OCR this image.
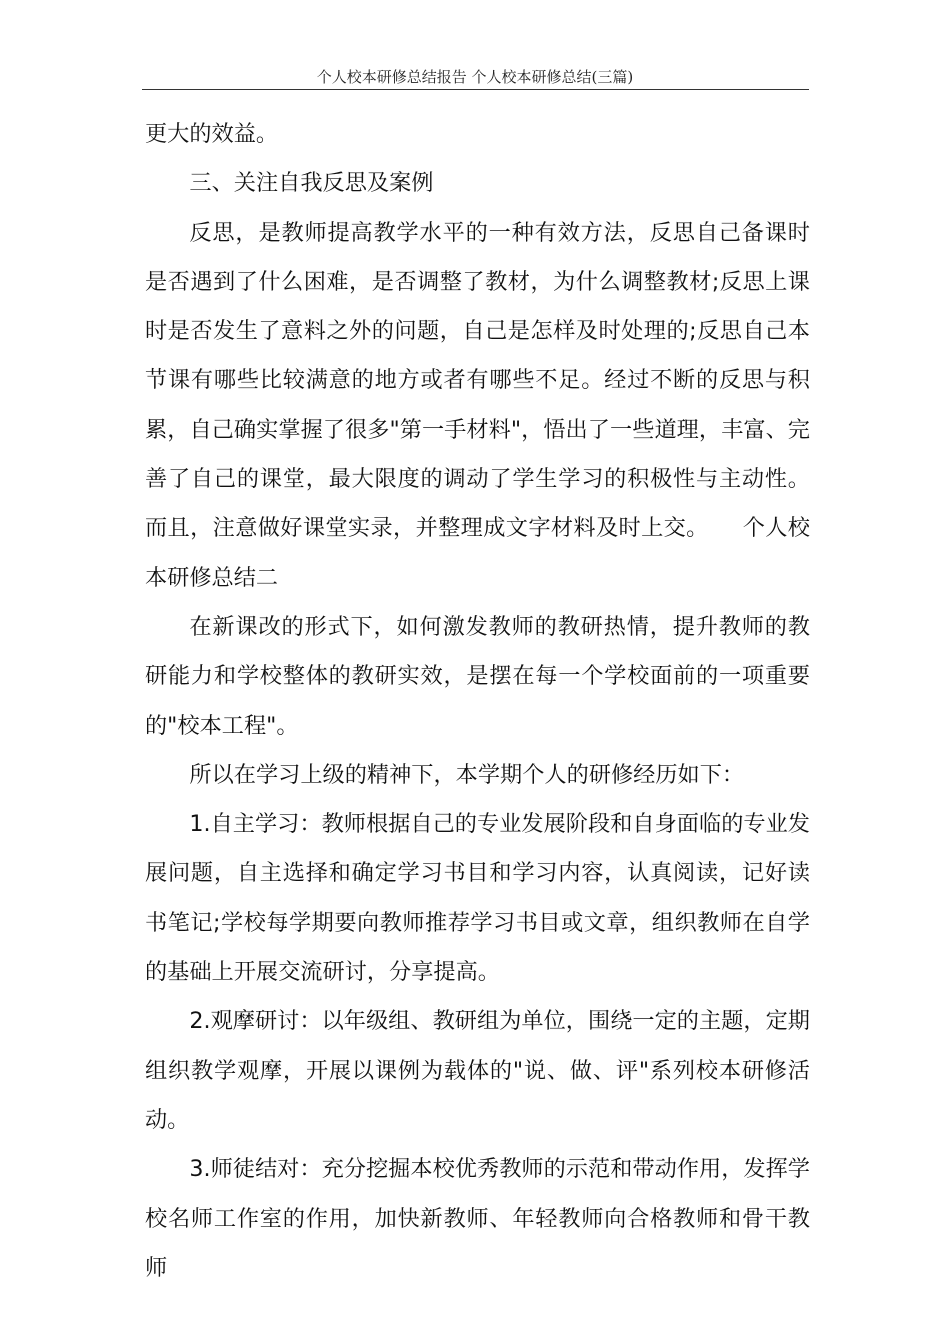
个人校本研修总结报告 个人校本研修总结(三篇)

更大的效益。

三、关注自我反思及案例

反思，是教师提高教学水平的一种有效方法，反思自己备课时是否遇到了什么困难，是否调整了教材，为什么调整教材;反思上课时是否发生了意料之外的问题，自己是怎样及时处理的;反思自己本节课有哪些比较满意的地方或者有哪些不足。经过不断的反思与积累，自己确实掌握了很多"第一手材料"，悟出了一些道理，丰富、完善了自己的课堂，最大限度的调动了学生学习的积极性与主动性。而且，注意做好课堂实录，并整理成文字材料及时上交。　　个人校本研修总结二

在新课改的形式下，如何激发教师的教研热情，提升教师的教研能力和学校整体的教研实效，是摆在每一个学校面前的一项重要的"校本工程"。

所以在学习上级的精神下，本学期个人的研修经历如下：

1.自主学习：教师根据自己的专业发展阶段和自身面临的专业发展问题，自主选择和确定学习书目和学习内容，认真阅读，记好读书笔记;学校每学期要向教师推荐学习书目或文章，组织教师在自学的基础上开展交流研讨，分享提高。

2.观摩研讨：以年级组、教研组为单位，围绕一定的主题，定期组织教学观摩，开展以课例为载体的"说、做、评"系列校本研修活动。

3.师徒结对：充分挖掘本校优秀教师的示范和带动作用，发挥学校名师工作室的作用，加快新教师、年轻教师向合格教师和骨干教师
